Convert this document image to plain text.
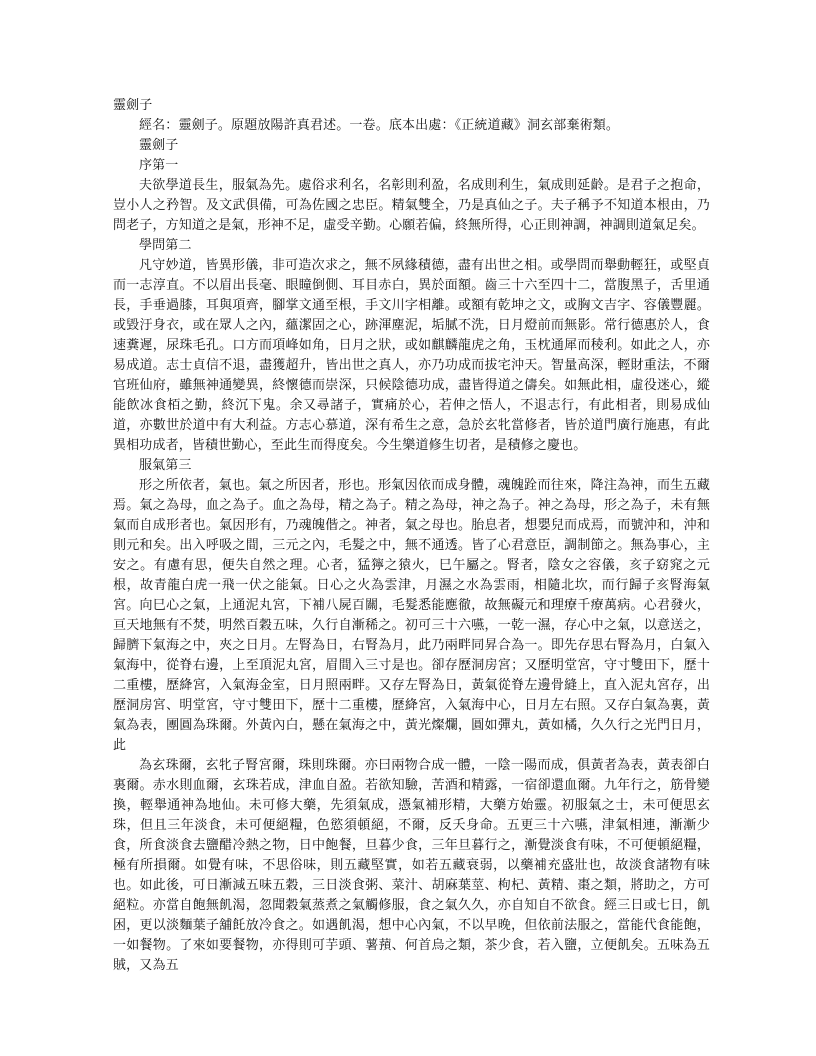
靈劍子

經名：靈劍子。原題放陽許真君述。一卷。底本出處：《正統道藏》洞玄部棄術類。

靈劍子

序第一

夫欲學道長生，服氣為先。處俗求利名，名彰則利盈，名成則利生，氣成則延齡。是君子之抱命，豈小人之矜智。及文武俱備，可為佐國之忠臣。精氣雙全，乃是真仙之子。夫子稱予不知道本根由，乃問老子，方知道之是氣，形神不足，虛受辛勤。心願若偏，終無所得，心正則神調，神調則道氣足矣。

學問第二

凡守妙道，皆異形儀，非可造次求之，無不夙緣積德，盡有出世之相。或學問而舉動輕狂，或堅貞而一志淳直。不以眉出長毫、眼瞳倒側、耳目赤白，異於面額。齒三十六至四十二，當腹黑子，舌里通長，手垂過膝，耳與項齊，腳掌文通至根，手文川字相離。或額有乾坤之文，或胸文吉字、容儀豐麗。或毀汙身衣，或在眾人之內，蘊潔固之心，跡渾塵泥，垢膩不洗，日月燈前而無影。常行德惠於人，食速糞遲，尿珠毛孔。口方而項峰如角，日月之狀，或如麒麟龍虎之角，玉枕通犀而稜利。如此之人，亦易成道。志士貞信不退，盡獲超升，皆出世之真人，亦乃功成而拔宅沖天。智量高深，輕財重法，不爾官班仙府，雖無神通變異，終懷德而崇深，只候陰德功成，盡皆得道之儔矣。如無此相，虛役迷心，縱能飲冰食栢之勤，終沉下鬼。余又尋諸子，實痛於心，若伸之悟人，不退志行，有此相者，則易成仙道，亦數世於道中有大利益。方志心慕道，深有希生之意，急於玄牝當修者，皆於道門廣行施惠，有此異相功成者，皆積世勤心，至此生而得度矣。今生樂道修生切者，是積修之慶也。

服氣第三

形之所依者，氣也。氣之所因者，形也。形氣因依而成身體，魂魄跧而往來，降注為神，而生五藏焉。氣之為母，血之為子。血之為母，精之為子。精之為母，神之為子。神之為母，形之為子，未有無氣而自成形者也。氣因形有，乃魂魄偕之。神者，氣之母也。胎息者，想嬰兒而成焉，而號沖和，沖和則元和矣。出入呼吸之間，三元之內，毛髮之中，無不通透。皆了心君意臣，調制節之。無為事心，主安之。有慮有思，便失自然之理。心者，猛獰之猿火，巳午屬之。腎者，陰女之容儀，亥子窈窕之元根，故青龍白虎一飛一伏之能氣。日心之火為雲津，月濕之水為雲雨，相隨北坎，而行歸子亥腎海氣宮。向巳心之氣，上通泥丸宮，下補八屍百關，毛髮悉能應徹，故無礙元和理療千療萬病。心君發火，亘天地無有不焚，明然百穀五味，久行自漸稀之。初可三十六嚥，一乾一濕，存心中之氣，以意送之，歸臍下氣海之中，夾之日月。左腎為日，右腎為月，此乃兩畔同昇合為一。即先存思右腎為月，白氣入氣海中，從脊右邊，上至頂泥丸宮，眉間入三寸是也。卻存歷洞房宮；又歷明堂宮，守寸雙田下，歷十二重樓，歷絳宮，入氣海金室，日月照兩畔。又存左腎為日，黃氣從脊左邊骨縫上，直入泥丸宮存，出歷洞房宮、明堂宮，守寸雙田下，歷十二重樓，歷絳宮，入氣海中心，日月左右照。又存白氣為裏，黃氣為表，團圓為珠爾。外黃內白，懸在氣海之中，黃光燦爛，圓如彈丸，黃如橘，久久行之光門日月，此

為玄珠爾，玄牝子腎宮爾，珠則珠爾。亦曰兩物合成一體，一陰一陽而成，俱黃者為表，黃表卻白裏爾。赤水則血爾，玄珠若成，津血自盈。若欲知驗，苦酒和精露，一宿卻還血爾。九年行之，筋骨變換，輕舉通神為地仙。未可修大藥，先須氣成，憑氣補形精，大藥方始靈。初服氣之士，未可便思玄珠，但且三年淡食，未可便絕糧，色慾須頓絕，不爾，反夭身命。五更三十六嚥，津氣相連，漸漸少食，所食淡食去鹽醋冷熱之物，日中飽餐，旦暮少食，三年旦暮行之，漸覺淡食有味，不可便頓絕糧，極有所損爾。如覺有味，不思俗味，則五藏堅實，如若五藏衰弱，以藥補充盛壯也，故淡食諸物有味也。如此後，可日漸減五味五穀，三日淡食粥、菜汁、胡麻葉莖、枸杞、黃精、棗之類，將助之，方可絕粒。亦當自飽無飢渴，忽聞穀氣蒸煮之氣觸修服，食之氣久久，亦自知自不欲食。經三日或七日，飢困，更以淡麵葉子舖飥放冷食之。如遇飢渴，想中心內氣，不以早晚，但依前法服之，當能代食能飽，一如餐物。了來如要餐物，亦得則可芋頭、薯蕷、何首烏之類，茶少食，若入鹽，立便飢矣。五味為五賊，又為五
